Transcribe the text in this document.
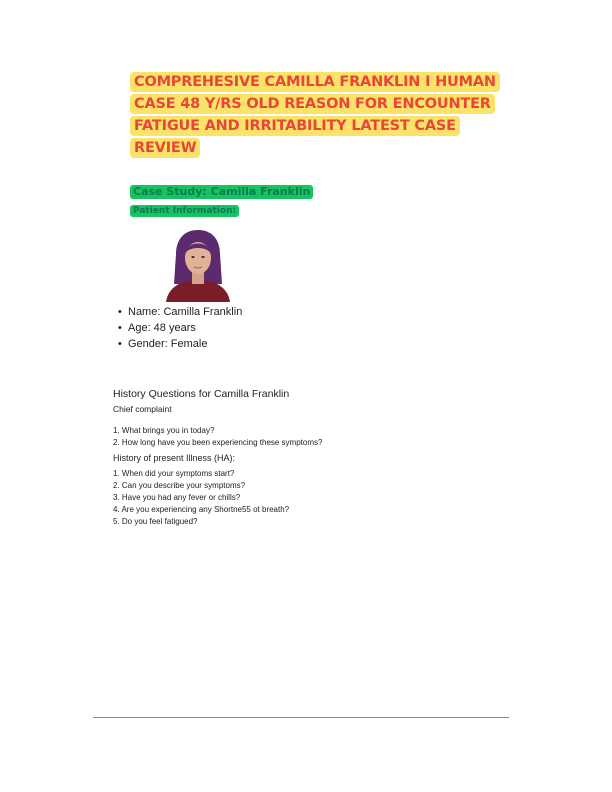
COMPREHESIVE CAMILLA FRANKLIN I HUMAN
CASE 48 Y/RS OLD REASON FOR ENCOUNTER
FATIGUE AND IRRITABILITY LATEST CASE
REVIEW
Case Study: Camilla Franklin
Patient Information:
• Name: Camilla Franklin
• Age: 48 years
• Gender: Female

History Questions for Camilla Franklin

Chief complaint

1. What brings you in today?

2. How long have you been experiencing these symptoms?

History of present Illness (HA):

1. When did your symptoms start?

2. Can you describe your symptoms?

3. Have you had any fever or chills?

4. Are you experiencing any Shortne55 ot breath?

5. Do you feel fatigued?
